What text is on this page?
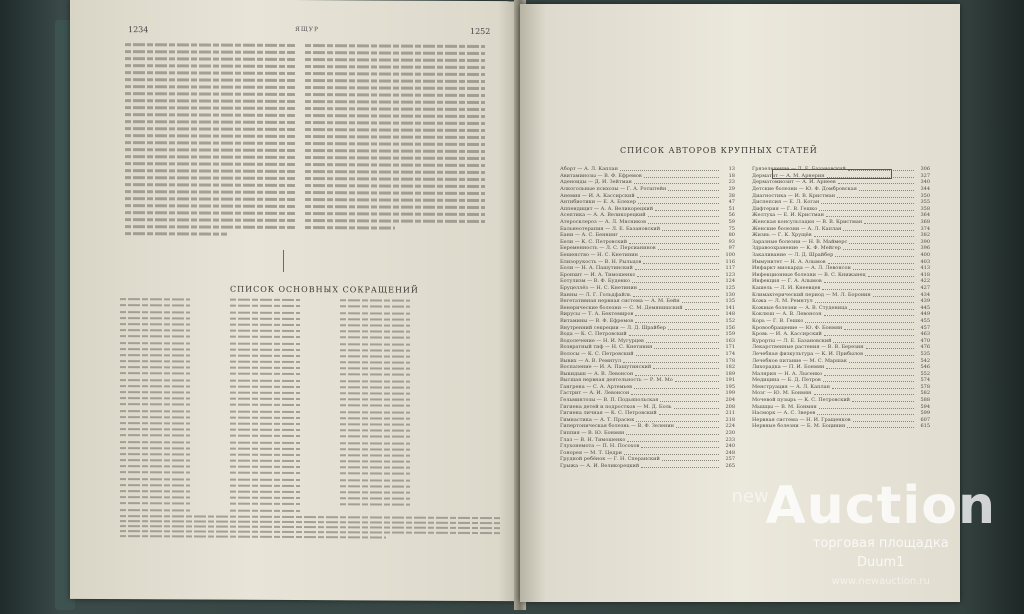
1234	ЯЩУР	1252
СПИСОК ОСНОВНЫХ СОКРАЩЕНИЙ
СПИСОК АВТОРОВ КРУПНЫХ СТАТЕЙ
Аборт — А. Л. Каплан	13
Авитаминозы — В. Ф. Ефремов	18
Аденоиды — Д. И. Зейтман	23
Алкогольные психозы — Г. А. Ротштейн	29
Анемия — И. А. Кассирский	38
Антибиотики — Е. А. Блехер	47
Аппендицит — А. А. Великорецкий	51
Асептика — А. А. Великорецкий	56
Атеросклероз — А. Л. Мясников	59
Бальнеотерапия — Л. Е. Базановский	75
Бани — А. С. Беннинг	80
Бели — К. С. Петровский	93
Беременность — Л. С. Персианинов	97
Бешенство — Н. С. Кнетинин	100
Близорукость — В. Н. Рыльцов	116
Боли — Н. А. Пашутинский	117
Бронхит — И. А. Тимошенко	123
Ботулизм — В. Ф. Буденко	124
Бруцеллёз — Н. С. Кнетинин	125
Ванны — Л. Г. Гольдфайль	130
Вегетативная нервная система — А. М. Бейн	135
Венерические болезни — С. М. Демянишский	141
Вирусы — Т. А. Бектемиров	148
Витамины — В. Ф. Ефремов	152
Внутренний секреции — Л. Д. Шрайбер	156
Вода — К. С. Петровский	159
Водолечение — Н. И. Мугурцев	163
Возвратный тиф — Н. С. Кнетинин	171
Волосы — К. С. Петровский	174
Вывих — А. В. Ремнтул	178
Воспаление — И. А. Пашутинский	182
Выкидыш — А. В. Левонсон	189
Высшая нервная деятельность — Р. М. Мо	191
Гангрена — С. А. Артемьев	195
Гастрит — А. И. Левонсон	199
Гельминтозы — В. П. Подьяпольская	204
Гигиена детей и подростков — М. Д. Боль	208
Гигиена личная — К. С. Петровский	211
Гимнастика — А. Т. Прасюк	218
Гипертоническая болезнь — В. Ф. Зеленин	224
Гиппия — В. Ю. Бонмян	230
Глаз — В. Н. Тимошенко	233
Глухонемота — П. Н. Посохов	240
Гонорея — М. Т. Цедри	248
Грудной ребёнок — Г. Н. Сперанский	257
Грыжа — А. И. Великорецкий	265
Грязелечение — Л. Е. Базановский	306
Дерматит — А. М. Арнерин	327
Дерматомиозит — А. И. Арнеев	340
Детские болезни — Ю. Ф. Домбровская	344
Диагностика — И. В. Кристман	350
Диспепсия — Е. Л. Коган	355
Дифтерия — Г. В. Гешко	358
Желтуха — Е. И. Кристман	364
Женская консультация — В. В. Кристман	368
Женские болезни — А. Л. Каплан	374
Жизнь — Г. К. Хрущёв	382
Заразные болезни — Н. В. Маймерс	390
Здравоохранение — К. Ф. Мейгер	396
Закаливание — Л. Д. Шрайбер	400
Иммунитет — Н. А. Алымов	403
Инфаркт миокарда — А. Л. Левонсон	413
Инфекционные болезни — В. С. Книжанец	418
Инфекция — Г. А. Алымов	422
Кашель — Л. И. Кнеевцев	427
Климактерический период — М. Л. Боронин	434
Кожа — Л. М. Ремнтул	439
Кожные болезни — А. В. Студеница	445
Коклюш — А. В. Левонсон	449
Корь — Г. В. Гешко	455
Кровообращение — Ю. Ф. Бонмян	457
Кровь — И. А. Кассирский	463
Курорты — Л. Е. Базановский	470
Лекарственные растения — В. В. Березин	476
Лечебная физкультура — К. И. Прибылов	535
Лечебное питание — М. С. Маршак	542
Лихорадка — П. И. Бонмян	546
Малярия — Н. А. Лысенко	552
Медицина — Б. Д. Петров	574
Менструация — А. Л. Каплан	578
Мозг — Ю. М. Бонмян	582
Мочевой пузырь — К. С. Петровский	588
Мышцы — В. М. Бонмян	594
Насморк — А. С. Зверев	599
Нервная система — Н. И. Гращенков	607
Нервные болезни — Б. М. Боцинин	615
new
Auction
торговая площадка
Duum1
www.newauction.ru
